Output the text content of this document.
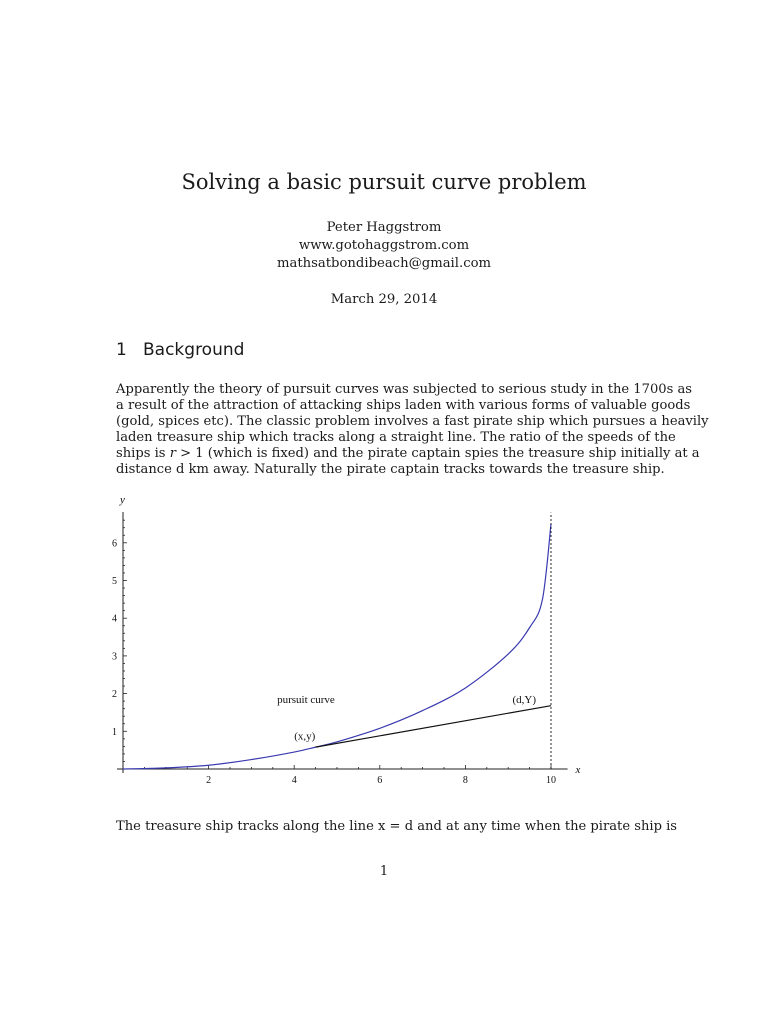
Solving a basic pursuit curve problem
Peter Haggstrom
www.gotohaggstrom.com
mathsatbondibeach@gmail.com
March 29, 2014
1 Background
Apparently the theory of pursuit curves was subjected to serious study in the 1700s as
a result of the attraction of attacking ships laden with various forms of valuable goods
(gold, spices etc). The classic problem involves a fast pirate ship which pursues a heavily
laden treasure ship which tracks along a straight line. The ratio of the speeds of the
ships is r > 1 (which is fixed) and the pirate captain spies the treasure ship initially at a
distance d km away. Naturally the pirate captain tracks towards the treasure ship.
2	4	6	8	10
1
2
3
4
5
6
x
y
pursuit curve
(x,y)
(d,Y)
The treasure ship tracks along the line x = d and at any time when the pirate ship is
1
